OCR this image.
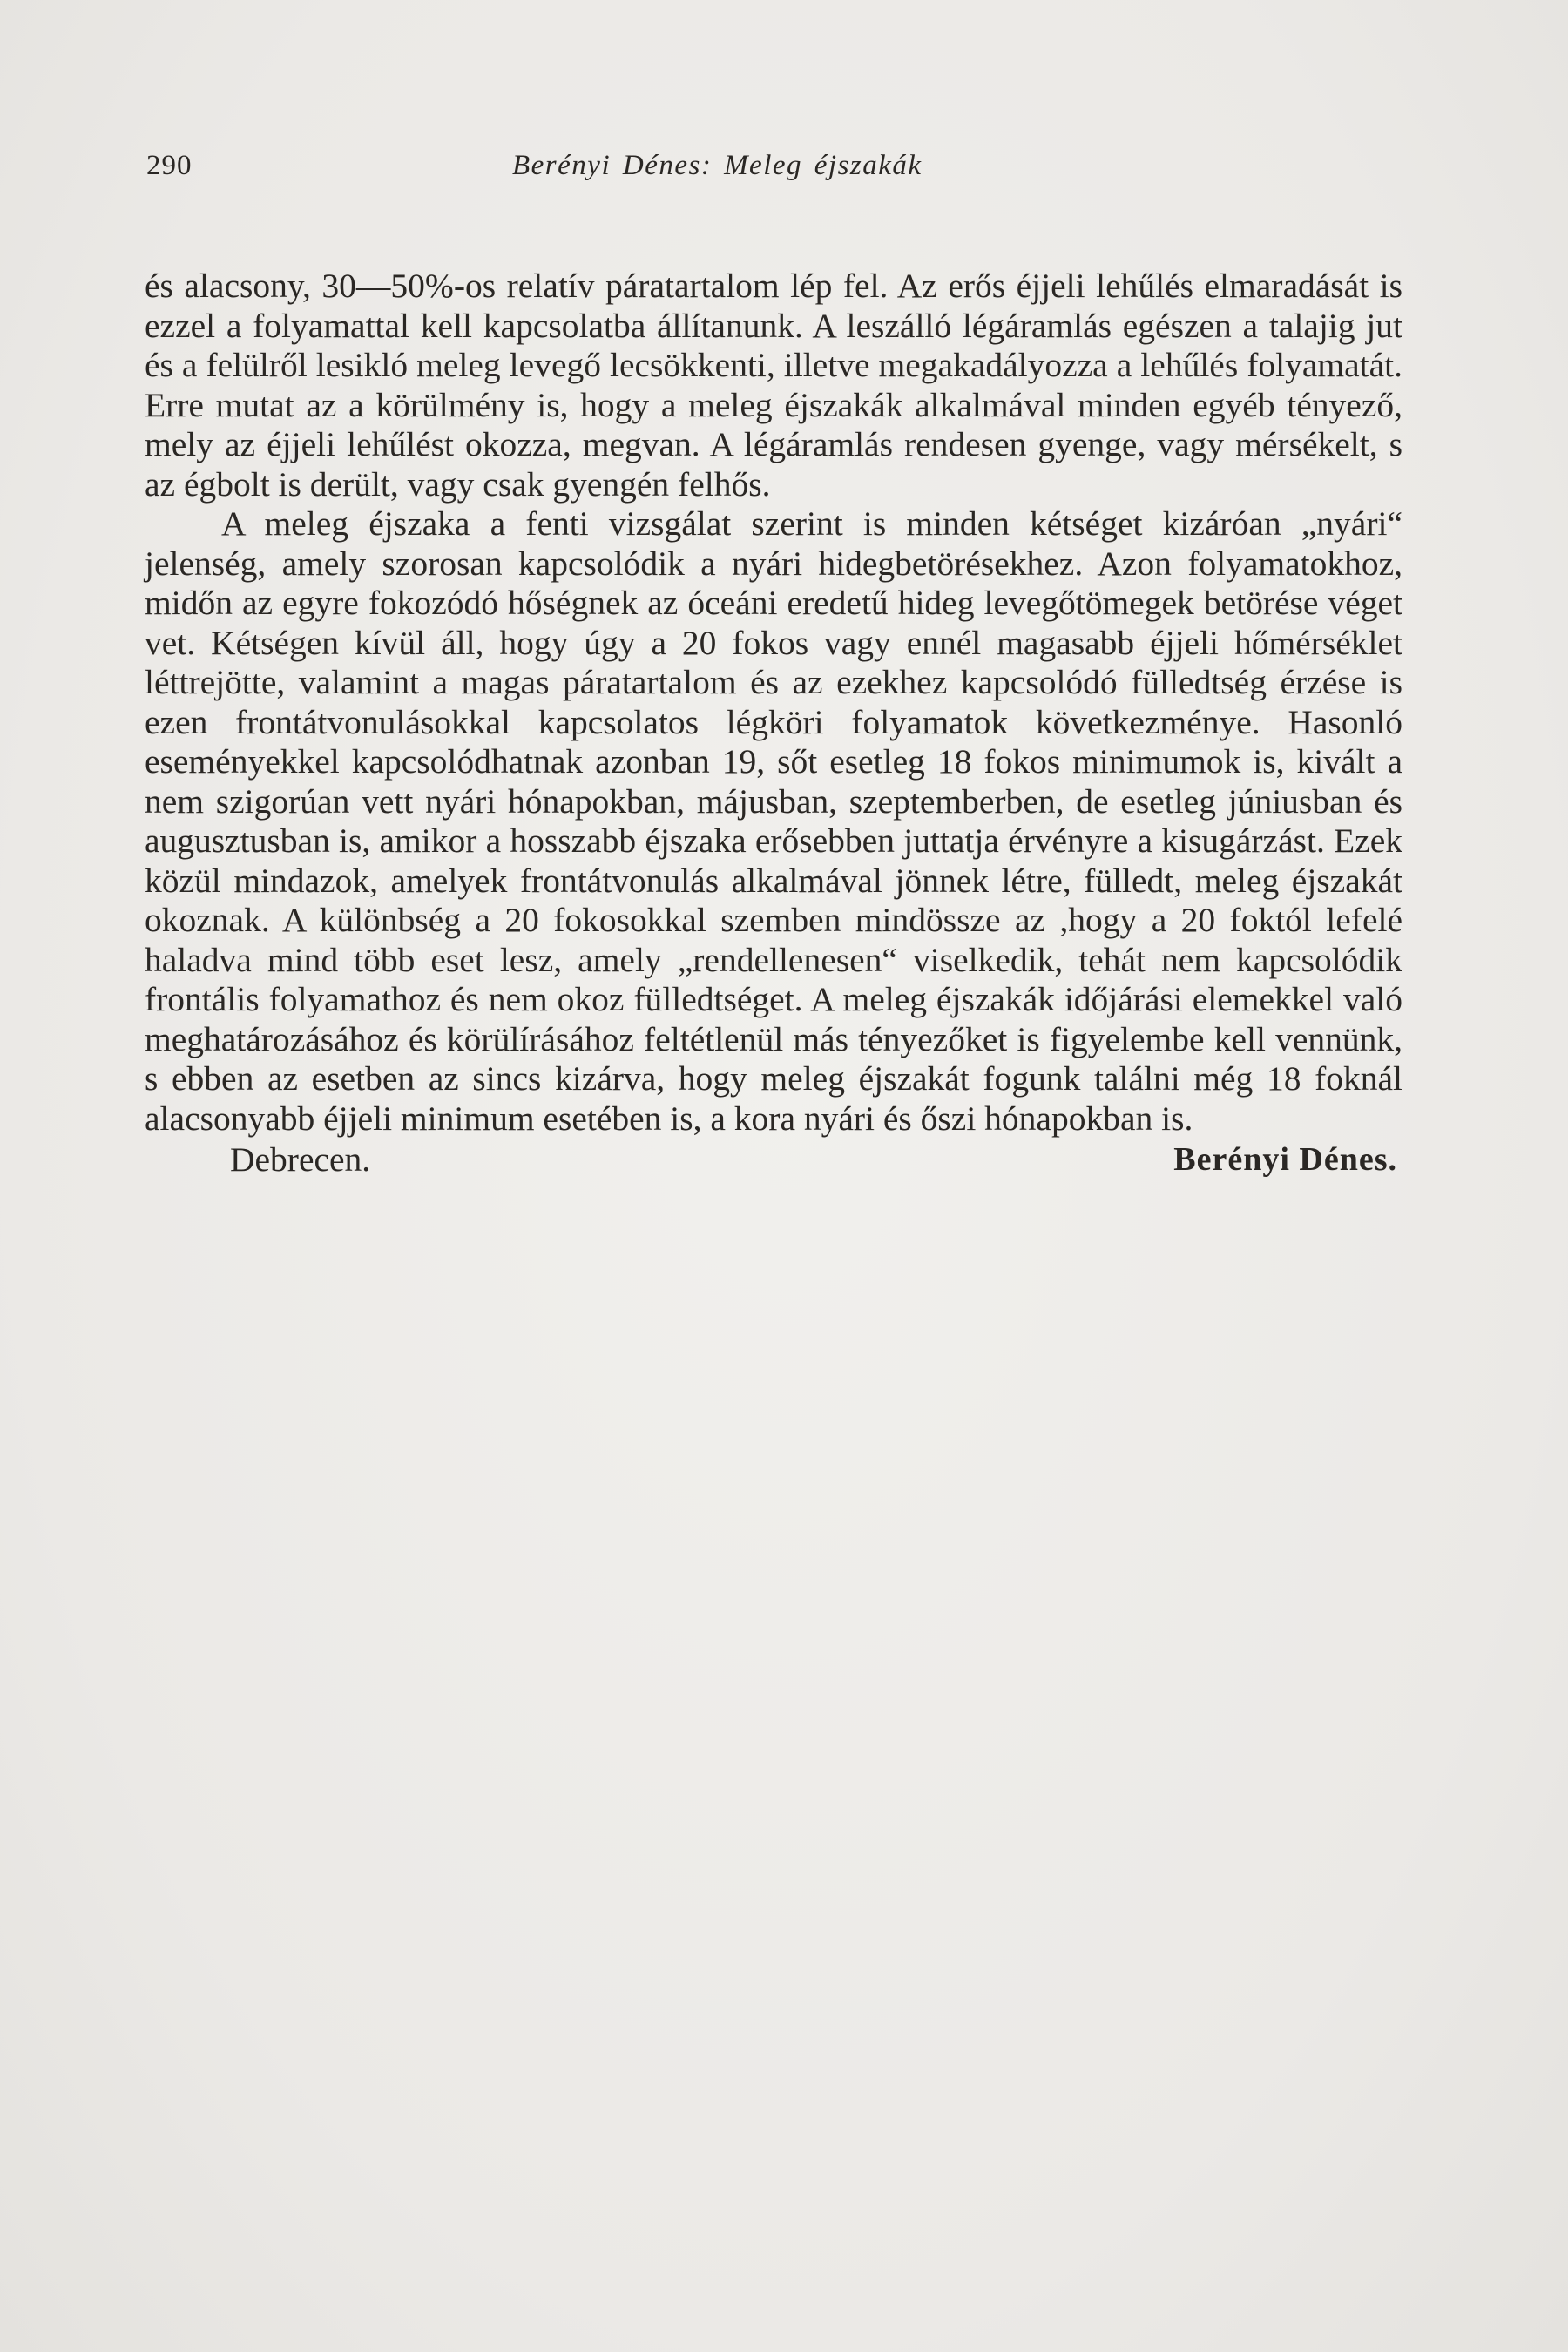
290	Berényi Dénes: Meleg éjszakák

és alacsony, 30—50%-os relatív páratartalom lép fel. Az erős éjjeli lehűlés elmaradását is ezzel a folyamattal kell kapcsolatba állítanunk. A leszálló légáramlás egészen a talajig jut és a felülről lesikló meleg levegő lecsökkenti, illetve megakadályozza a lehűlés folyamatát. Erre mutat az a körülmény is, hogy a meleg éjszakák alkalmával minden egyéb tényező, mely az éjjeli lehűlést okozza, megvan. A légáramlás rendesen gyenge, vagy mérsékelt, s az égbolt is derült, vagy csak gyengén felhős.

A meleg éjszaka a fenti vizsgálat szerint is minden kétséget kizáróan „nyári“ jelenség, amely szorosan kapcsolódik a nyári hidegbetörésekhez. Azon folyamatokhoz, midőn az egyre fokozódó hőségnek az óceáni eredetű hideg levegőtömegek betörése véget vet. Kétségen kívül áll, hogy úgy a 20 fokos vagy ennél magasabb éjjeli hőmérséklet léttrejötte, valamint a magas páratartalom és az ezekhez kapcsolódó fülledtség érzése is ezen frontátvonulásokkal kapcsolatos légköri folyamatok következménye. Hasonló eseményekkel kapcsolódhatnak azonban 19, sőt esetleg 18 fokos minimumok is, kivált a nem szigorúan vett nyári hónapokban, májusban, szeptemberben, de esetleg júniusban és augusztusban is, amikor a hosszabb éjszaka erősebben juttatja érvényre a kisugárzást. Ezek közül mindazok, amelyek frontátvonulás alkalmával jönnek létre, fülledt, meleg éjszakát okoznak. A különbség a 20 fokosokkal szemben mindössze az ,hogy a 20 foktól lefelé haladva mind több eset lesz, amely „rendellenesen“ viselkedik, tehát nem kapcsolódik frontális folyamathoz és nem okoz fülledtséget. A meleg éjszakák időjárási elemekkel való meghatározásához és körülírásához feltétlenül más tényezőket is figyelembe kell vennünk, s ebben az esetben az sincs kizárva, hogy meleg éjszakát fogunk találni még 18 foknál alacsonyabb éjjeli minimum esetében is, a kora nyári és őszi hónapokban is.

Debrecen.	Berényi Dénes.
